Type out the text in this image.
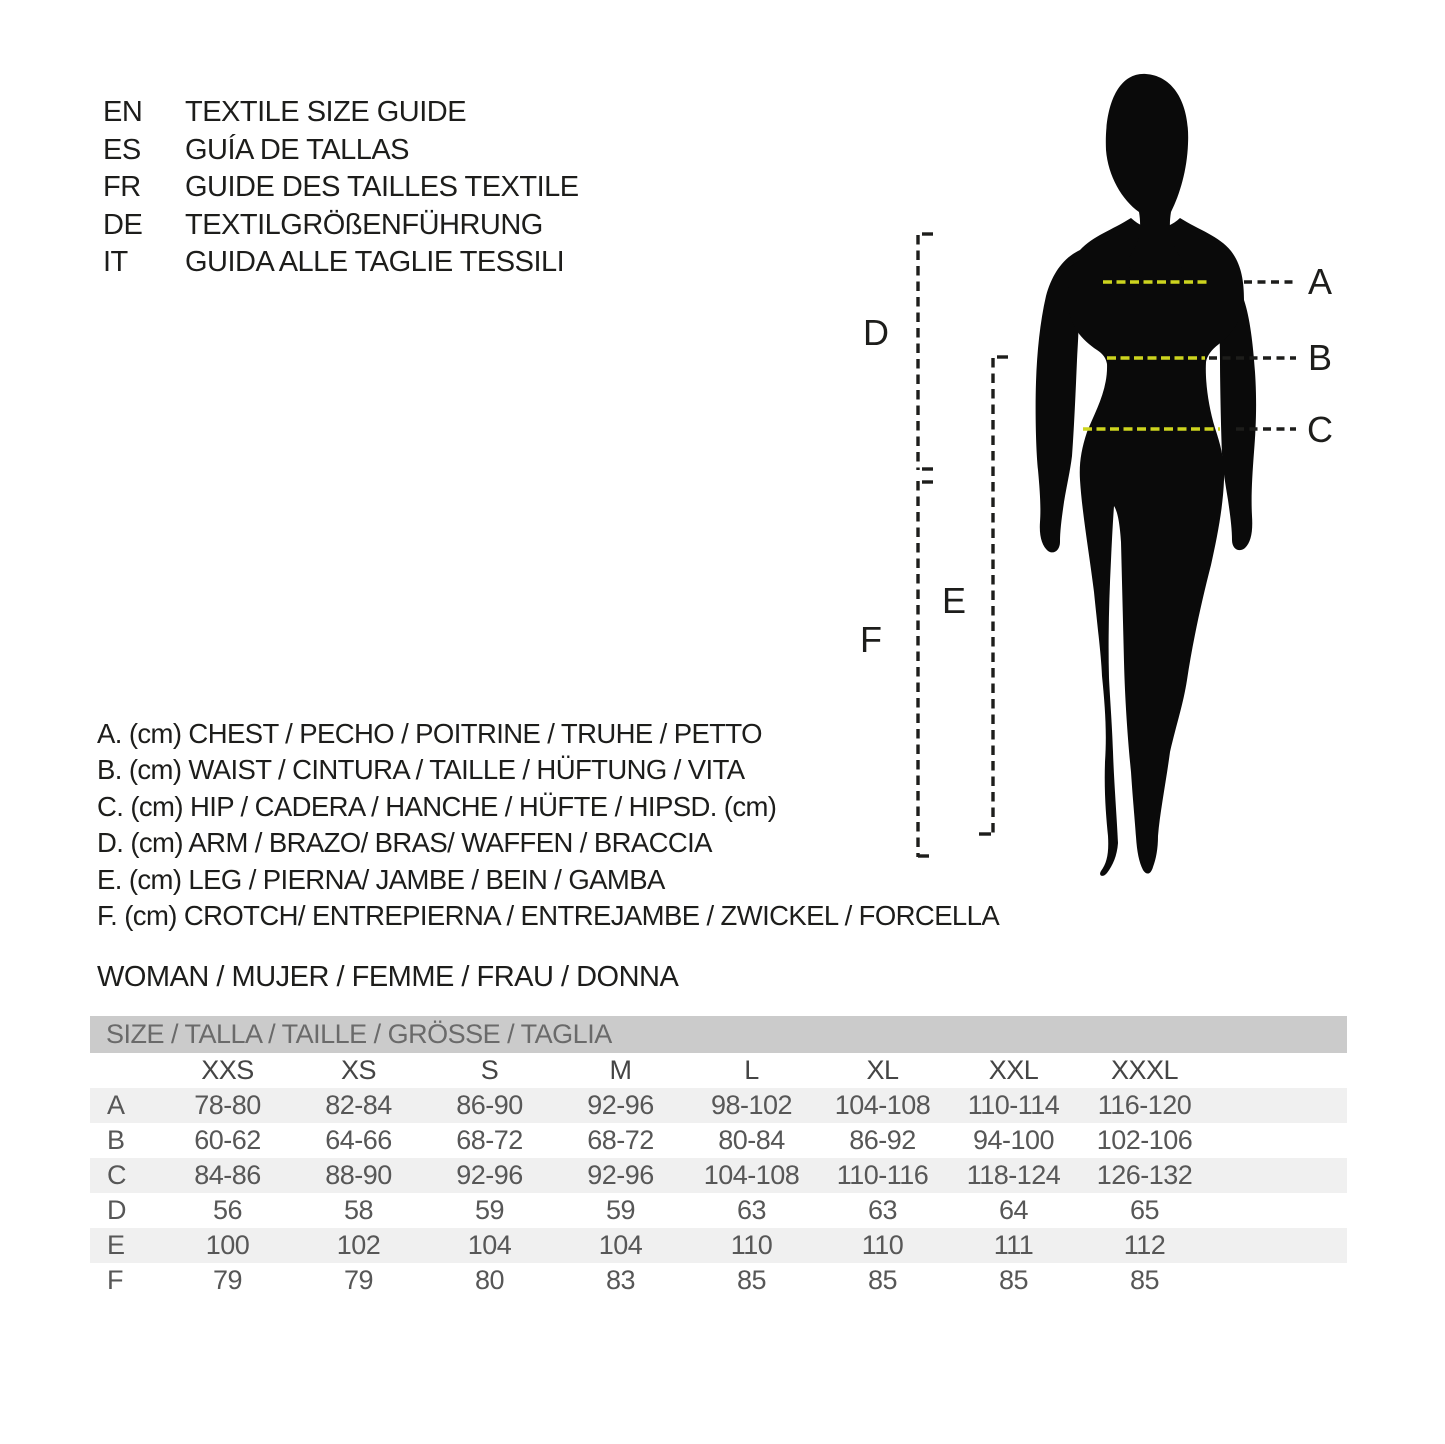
EN	TEXTILE SIZE GUIDE
ES	GUÍA DE TALLAS
FR	GUIDE DES TAILLES TEXTILE
DE	TEXTILGRÖßENFÜHRUNG
IT	GUIDA ALLE TAGLIE TESSILI
A. (cm) CHEST / PECHO / POITRINE / TRUHE / PETTO
B. (cm) WAIST / CINTURA / TAILLE / HÜFTUNG / VITA
C. (cm) HIP / CADERA / HANCHE / HÜFTE / HIPSD. (cm)
D. (cm) ARM / BRAZO/ BRAS/ WAFFEN / BRACCIA
E. (cm) LEG / PIERNA/ JAMBE / BEIN / GAMBA
F. (cm) CROTCH/ ENTREPIERNA / ENTREJAMBE / ZWICKEL / FORCELLA
WOMAN / MUJER / FEMME / FRAU / DONNA
A
B
C
D
E
F
SIZE / TALLA / TAILLE / GRÖSSE / TAGLIA
	XXS	XS	S	M	L	XL	XXL	XXXL	
A	78-80	82-84	86-90	92-96	98-102	104-108	110-114	116-120	
B	60-62	64-66	68-72	68-72	80-84	86-92	94-100	102-106	
C	84-86	88-90	92-96	92-96	104-108	110-116	118-124	126-132	
D	56	58	59	59	63	63	64	65	
E	100	102	104	104	110	110	111	112	
F	79	79	80	83	85	85	85	85	
